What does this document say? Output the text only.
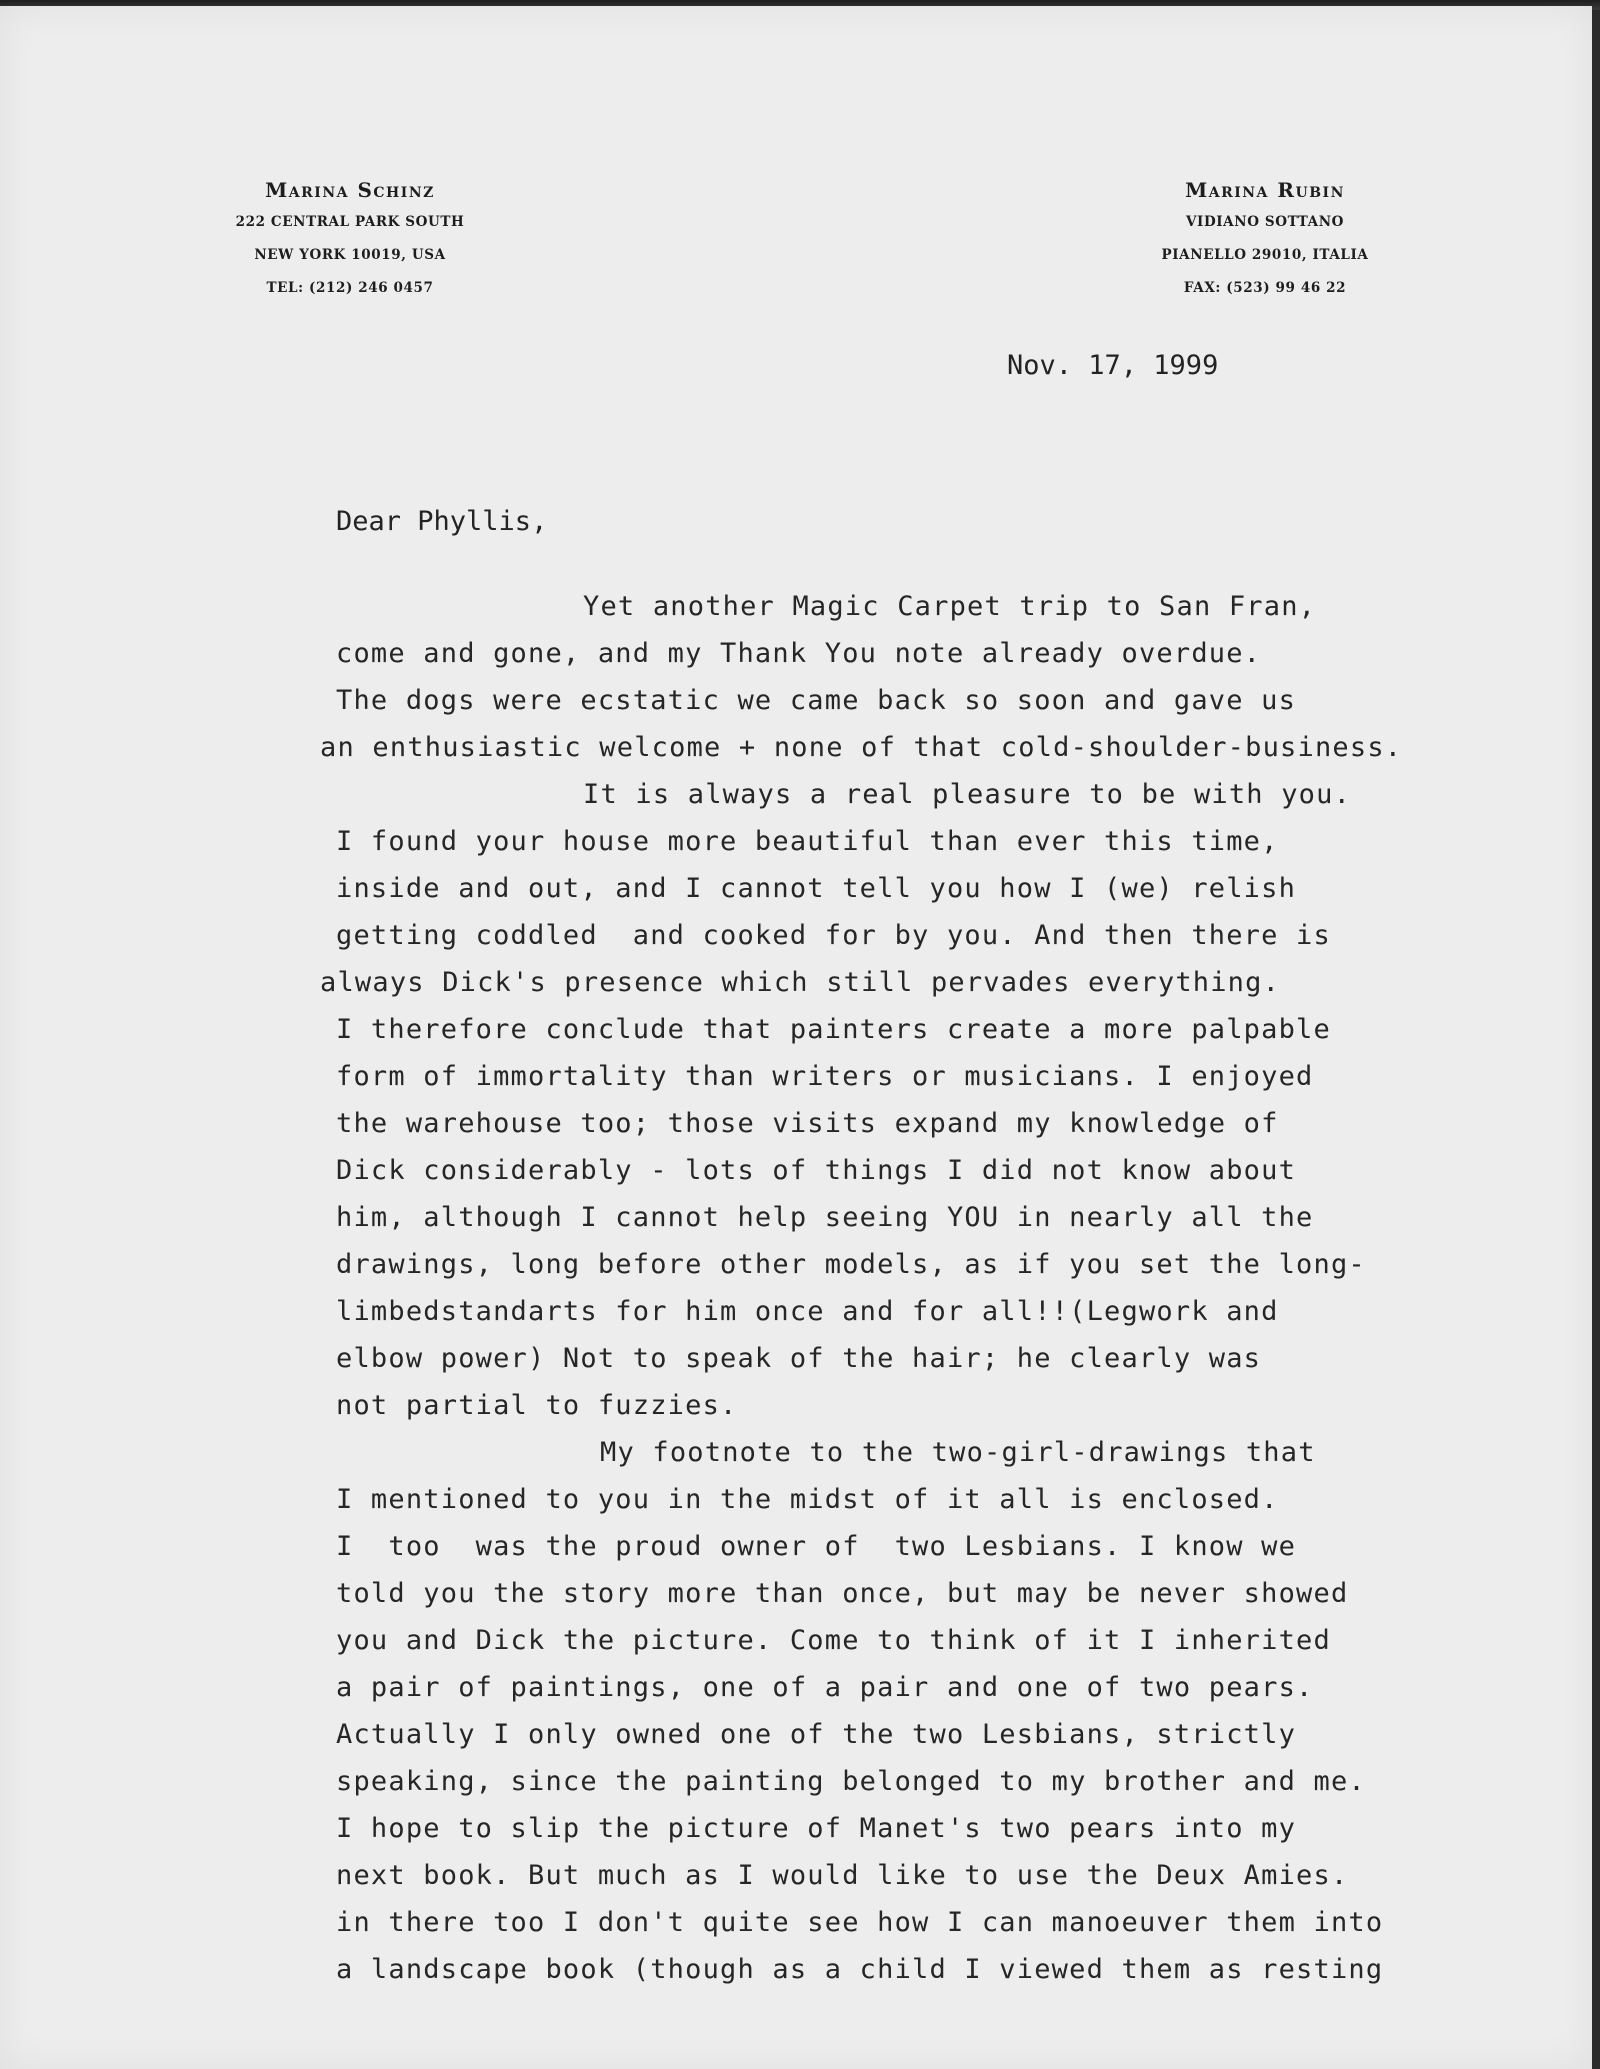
Marina Schinz
222 CENTRAL PARK SOUTH
NEW YORK 10019, USA
TEL: (212) 246 0457
Marina Rubin
VIDIANO SOTTANO
PIANELLO 29010, ITALIA
FAX: (523) 99 46 22
Nov. 17, 1999
Dear Phyllis,
Yet another Magic Carpet trip to San Fran,
come and gone, and my Thank You note already overdue.
The dogs were ecstatic we came back so soon and gave us
an enthusiastic welcome + none of that cold-shoulder-business.
It is always a real pleasure to be with you.
I found your house more beautiful than ever this time,
inside and out, and I cannot tell you how I (we) relish
getting coddled  and cooked for by you. And then there is
always Dick's presence which still pervades everything.
I therefore conclude that painters create a more palpable
form of immortality than writers or musicians. I enjoyed
the warehouse too; those visits expand my knowledge of
Dick considerably - lots of things I did not know about
him, although I cannot help seeing YOU in nearly all the
drawings, long before other models, as if you set the long-
limbedstandarts for him once and for all!!(Legwork and
elbow power) Not to speak of the hair; he clearly was
not partial to fuzzies.
My footnote to the two-girl-drawings that
I mentioned to you in the midst of it all is enclosed.
I  too  was the proud owner of  two Lesbians. I know we
told you the story more than once, but may be never showed
you and Dick the picture. Come to think of it I inherited
a pair of paintings, one of a pair and one of two pears.
Actually I only owned one of the two Lesbians, strictly
speaking, since the painting belonged to my brother and me.
I hope to slip the picture of Manet's two pears into my
next book. But much as I would like to use the Deux Amies.
in there too I don't quite see how I can manoeuver them into
a landscape book (though as a child I viewed them as resting
